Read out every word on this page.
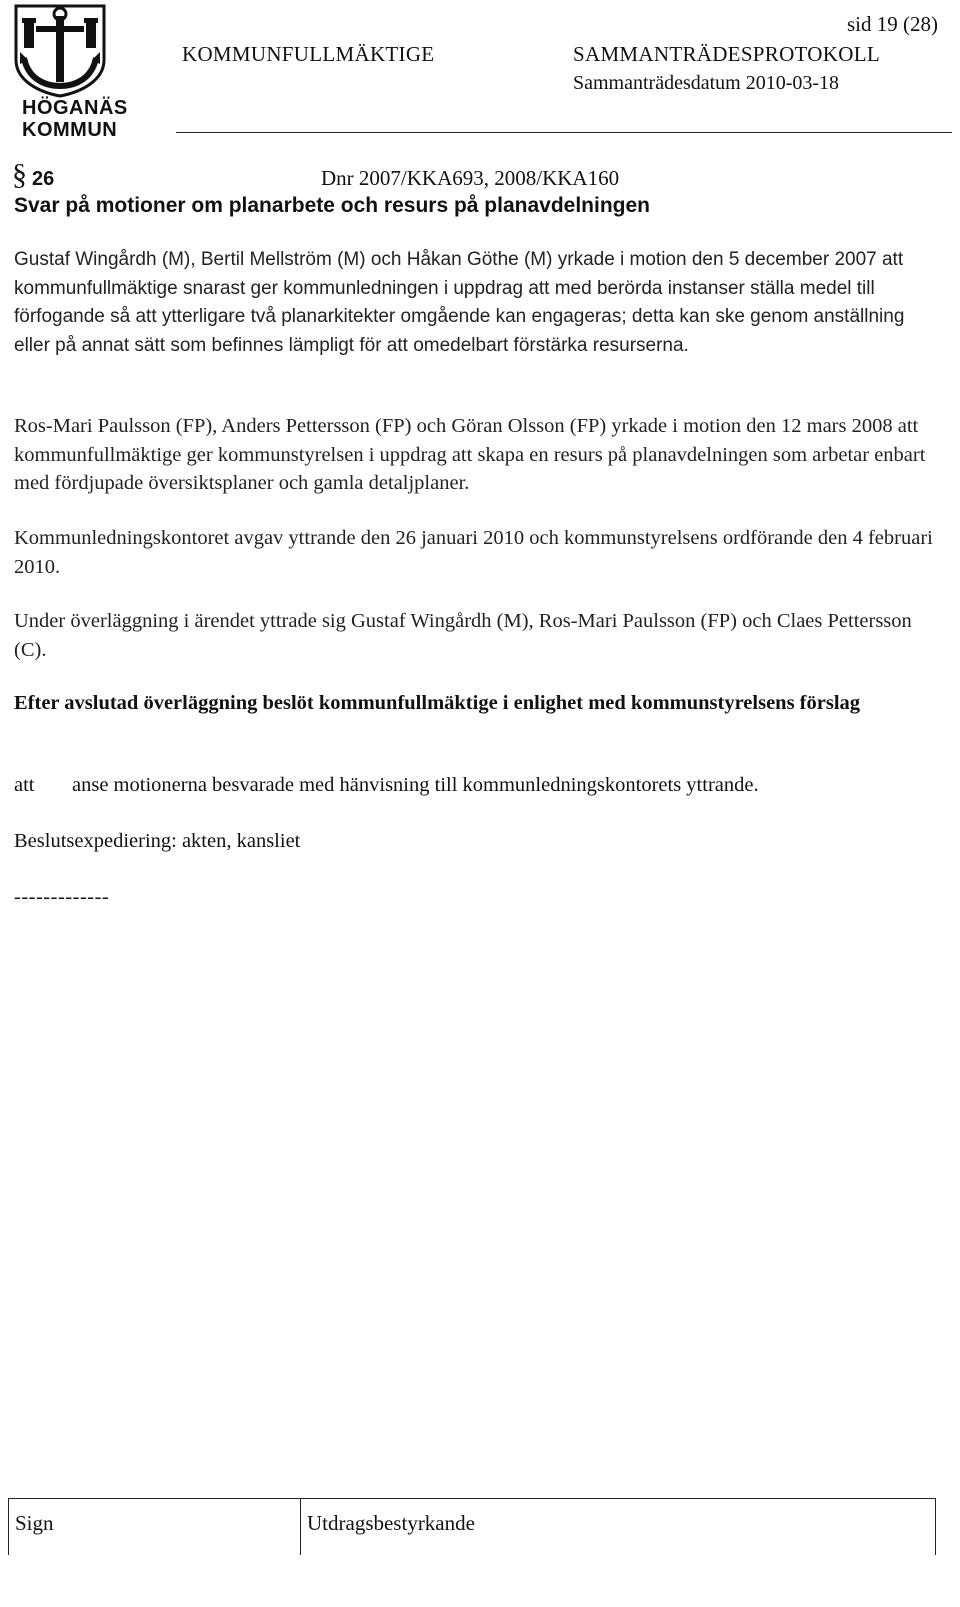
HÖGANÄS
KOMMUN
sid 19 (28)
KOMMUNFULLMÄKTIGE	SAMMANTRÄDESPROTOKOLL
Sammanträdesdatum 2010-03-18
§ 26	Dnr 2007/KKA693, 2008/KKA160
Svar på motioner om planarbete och resurs på planavdelningen

Gustaf Wingårdh (M), Bertil Mellström (M) och Håkan Göthe (M) yrkade i motion den 5 december 2007 att kommunfullmäktige snarast ger kommunledningen i uppdrag att med berörda instanser ställa medel till förfogande så att ytterligare två planarkitekter omgående kan engageras; detta kan ske genom anställning eller på annat sätt som befinnes lämpligt för att omedelbart förstärka resurserna.

Ros-Mari Paulsson (FP), Anders Pettersson (FP) och Göran Olsson (FP) yrkade i motion den 12 mars 2008 att kommunfullmäktige ger kommunstyrelsen i uppdrag att skapa en resurs på planavdelningen som arbetar enbart med fördjupade översiktsplaner och gamla detaljplaner.

Kommunledningskontoret avgav yttrande den 26 januari 2010 och kommunstyrelsens ordförande den 4 februari 2010.

Under överläggning i ärendet yttrade sig Gustaf Wingårdh (M), Ros-Mari Paulsson (FP) och Claes Pettersson (C).

Efter avslutad överläggning beslöt kommunfullmäktige i enlighet med kommunstyrelsens förslag

att anse motionerna besvarade med hänvisning till kommunledningskontorets yttrande.
Beslutsexpediering: akten, kansliet
-------------
Sign	Utdragsbestyrkande
